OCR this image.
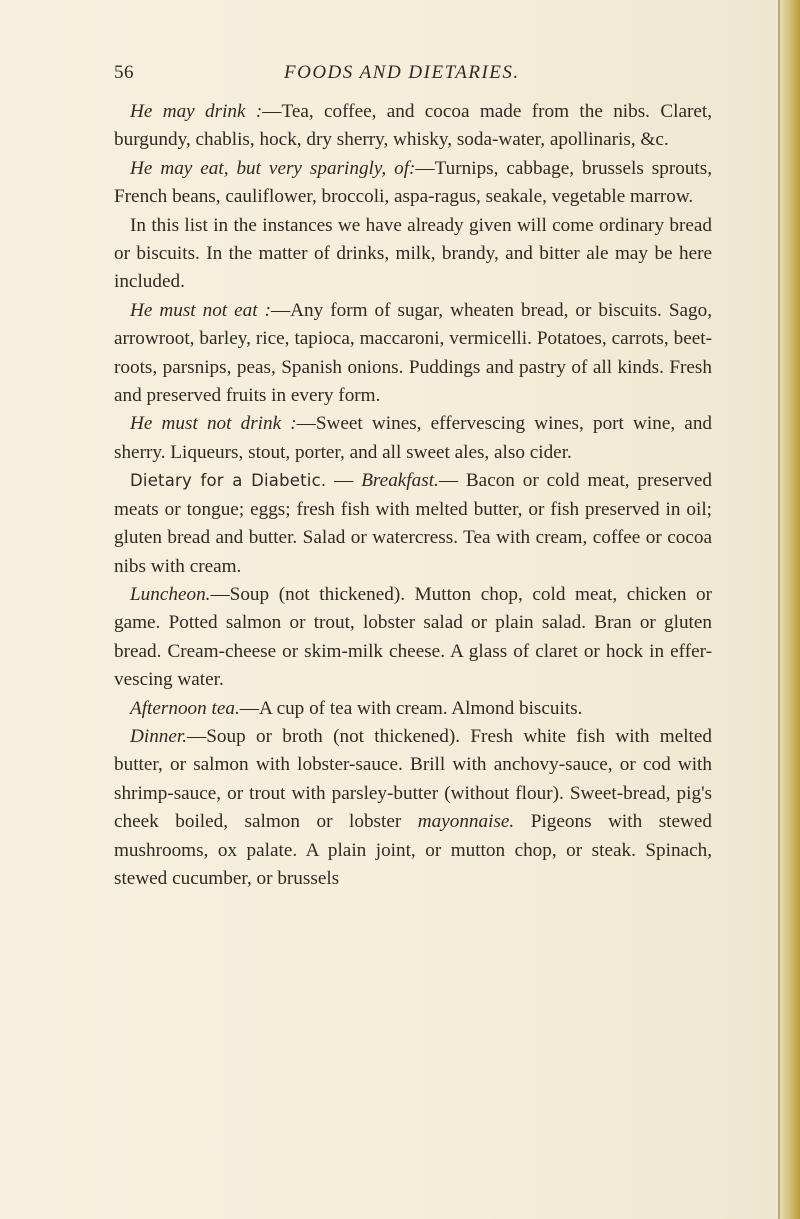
56	FOODS AND DIETARIES.

He may drink :—Tea, coffee, and cocoa made from the nibs. Claret, burgundy, chablis, hock, dry sherry, whisky, soda-water, apollinaris, &c.

He may eat, but very sparingly, of:—Turnips, cabbage, brussels sprouts, French beans, cauliflower, broccoli, aspa-ragus, seakale, vegetable marrow.

In this list in the instances we have already given will come ordinary bread or biscuits. In the matter of drinks, milk, brandy, and bitter ale may be here included.

He must not eat :—Any form of sugar, wheaten bread, or biscuits. Sago, arrowroot, barley, rice, tapioca, maccaroni, vermicelli. Potatoes, carrots, beet-roots, parsnips, peas, Spanish onions. Puddings and pastry of all kinds. Fresh and preserved fruits in every form.

He must not drink :—Sweet wines, effervescing wines, port wine, and sherry. Liqueurs, stout, porter, and all sweet ales, also cider.

Dietary for a Diabetic. — Breakfast.— Bacon or cold meat, preserved meats or tongue; eggs; fresh fish with melted butter, or fish preserved in oil; gluten bread and butter. Salad or watercress. Tea with cream, coffee or cocoa nibs with cream.

Luncheon.—Soup (not thickened). Mutton chop, cold meat, chicken or game. Potted salmon or trout, lobster salad or plain salad. Bran or gluten bread. Cream-cheese or skim-milk cheese. A glass of claret or hock in effer-vescing water.

Afternoon tea.—A cup of tea with cream. Almond biscuits.

Dinner.—Soup or broth (not thickened). Fresh white fish with melted butter, or salmon with lobster-sauce. Brill with anchovy-sauce, or cod with shrimp-sauce, or trout with parsley-butter (without flour). Sweet-bread, pig's cheek boiled, salmon or lobster mayonnaise. Pigeons with stewed mushrooms, ox palate. A plain joint, or mutton chop, or steak. Spinach, stewed cucumber, or brussels
